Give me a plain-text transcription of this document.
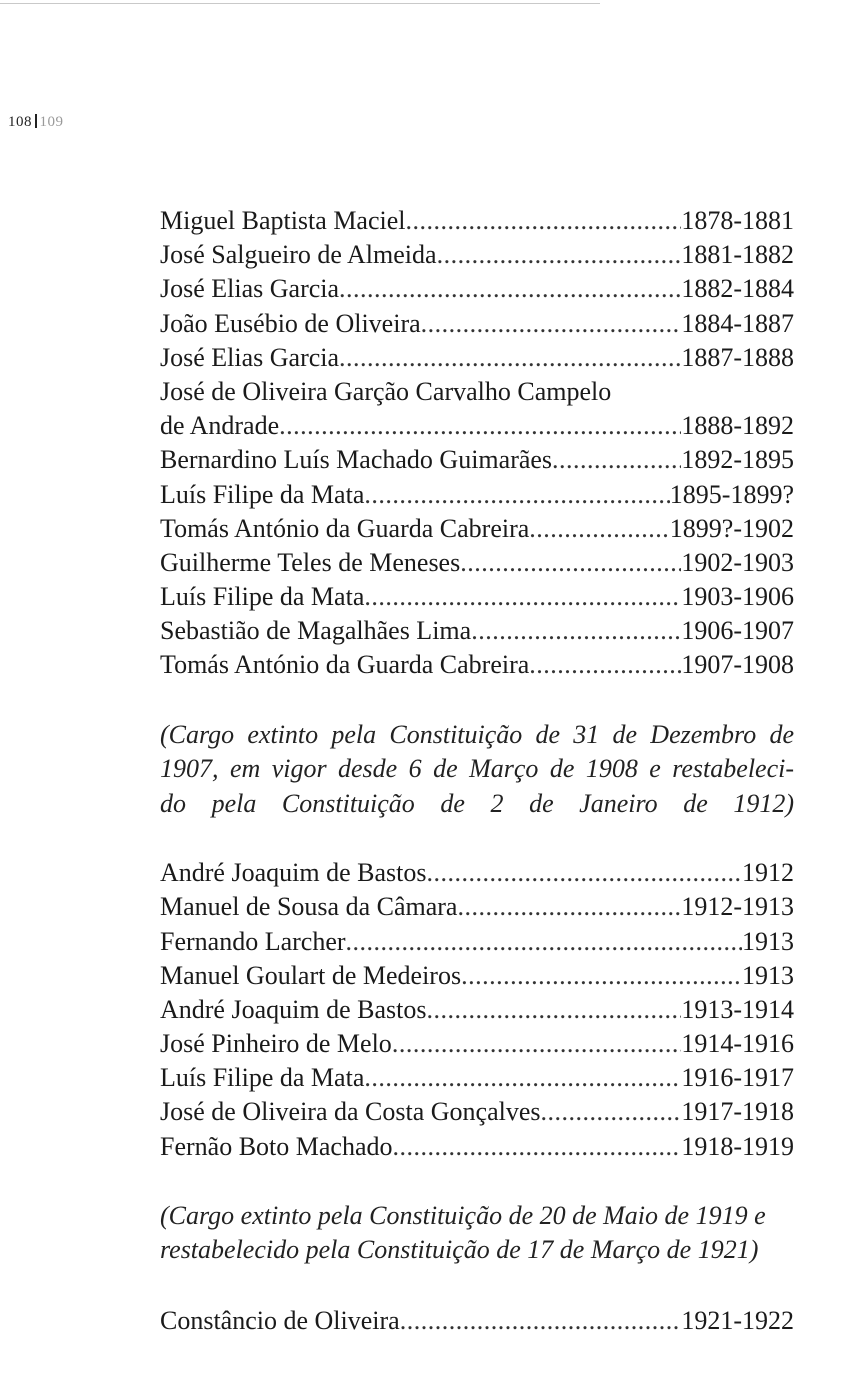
108 109
Miguel Baptista Maciel .....	1878-1881
José Salgueiro de Almeida .....	1881-1882
José Elias Garcia .....	1882-1884
João Eusébio de Oliveira .....	1884-1887
José Elias Garcia .....	1887-1888
José de Oliveira Garção Carvalho Campelo
de Andrade .....	1888-1892
Bernardino Luís Machado Guimarães .....	1892-1895
Luís Filipe da Mata .....	1895-1899?
Tomás António da Guarda Cabreira .....	1899?-1902
Guilherme Teles de Meneses .....	1902-1903
Luís Filipe da Mata .....	1903-1906
Sebastião de Magalhães Lima .....	1906-1907
Tomás António da Guarda Cabreira .....	1907-1908

(Cargo extinto pela Constituição de 31 de Dezembro de
1907, em vigor desde 6 de Março de 1908 e restabeleci-
do pela Constituição de 2 de Janeiro de 1912)

André Joaquim de Bastos .....	1912
Manuel de Sousa da Câmara .....	1912-1913
Fernando Larcher .....	1913
Manuel Goulart de Medeiros .....	1913
André Joaquim de Bastos .....	1913-1914
José Pinheiro de Melo .....	1914-1916
Luís Filipe da Mata .....	1916-1917
José de Oliveira da Costa Gonçalves .....	1917-1918
Fernão Boto Machado .....	1918-1919

(Cargo extinto pela Constituição de 20 de Maio de 1919 e
restabelecido pela Constituição de 17 de Março de 1921)

Constâncio de Oliveira .....	1921-1922
